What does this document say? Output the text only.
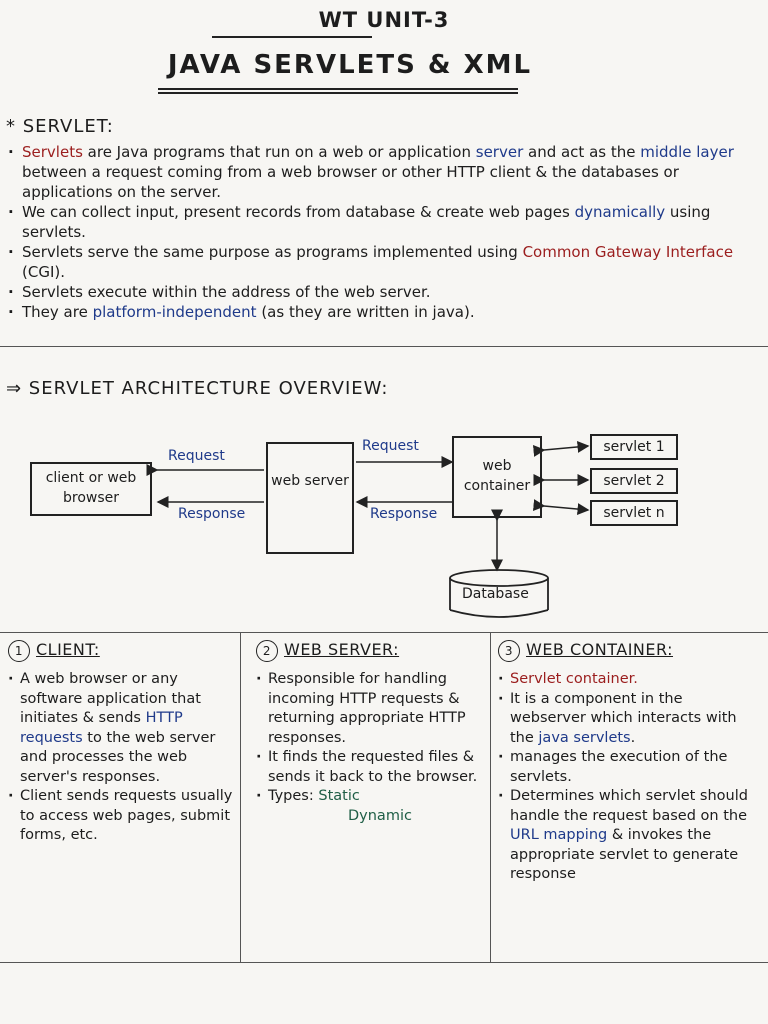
WT UNIT-3
JAVA SERVLETS & XML
* SERVLET:

· Servlets are Java programs that run on a web or application server and act as the middle layer between a request coming from a web browser or other HTTP client & the databases or applications on the server.

· We can collect input, present records from database & create web pages dynamically using servlets.

· Servlets serve the same purpose as programs implemented using Common Gateway Interface (CGI).

· Servlets execute within the address of the web server.

· They are platform-independent (as they are written in java).

⇒ SERVLET ARCHITECTURE OVERVIEW:
client or web browser
web server
web container
servlet 1
servlet 2
servlet n
Request
Response
Request
Response
Database
1 CLIENT:

· A web browser or any software application that initiates & sends HTTP requests to the web server and processes the web server's responses.

· Client sends requests usually to access web pages, submit forms, etc.

2 WEB SERVER:

· Responsible for handling incoming HTTP requests & returning appropriate HTTP responses.

· It finds the requested files & sends it back to the browser.

· Types: Static

Dynamic

3 WEB CONTAINER:

· Servlet container.

· It is a component in the webserver which interacts with the java servlets.

· manages the execution of the servlets.

· Determines which servlet should handle the request based on the URL mapping & invokes the appropriate servlet to generate response
